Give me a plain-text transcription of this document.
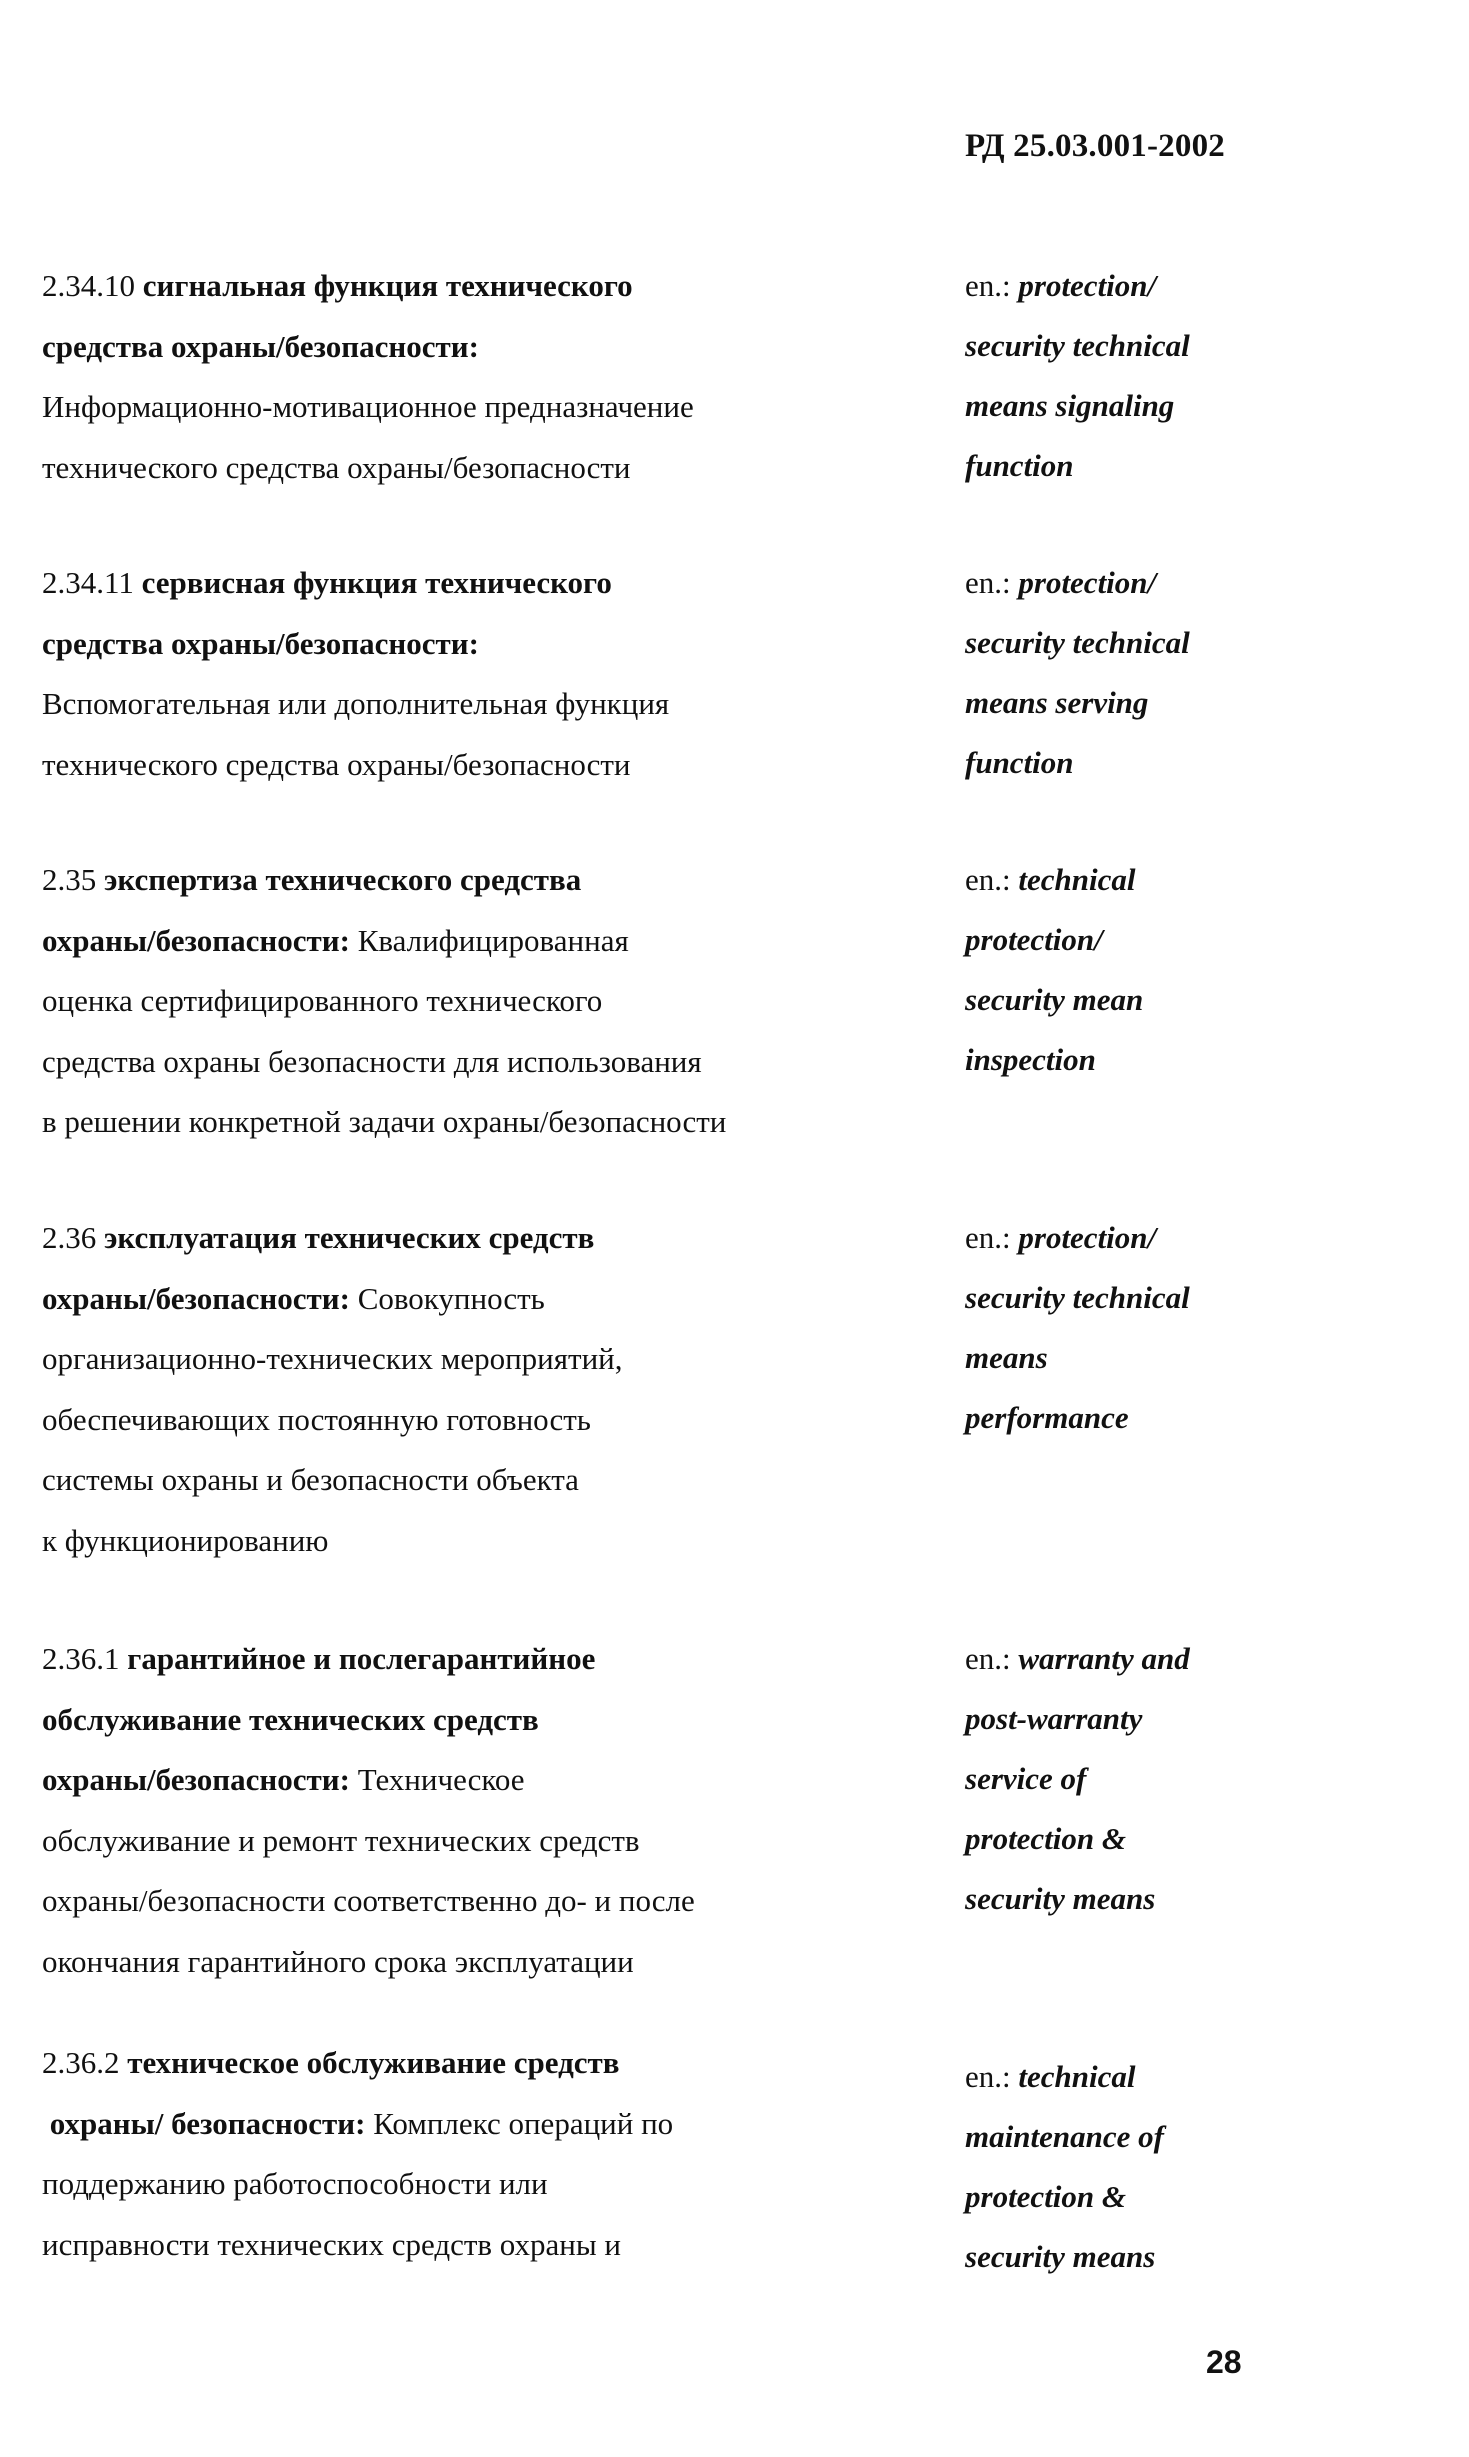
РД 25.03.001-2002

2.34.10 сигнальная функция технического

средства охраны/безопасности:

Информационно-мотивационное предназначение

технического средства охраны/безопасности

en.: protection/

security technical

means signaling

function

2.34.11 сервисная функция технического

средства охраны/безопасности:

Вспомогательная или дополнительная функция

технического средства охраны/безопасности

en.: protection/

security technical

means serving

function

2.35 экспертиза технического средства

охраны/безопасности: Квалифицированная

оценка сертифицированного технического

средства охраны безопасности для использования

в решении конкретной задачи охраны/безопасности

en.: technical

protection/

security mean

inspection

2.36 эксплуатация технических средств

охраны/безопасности: Совокупность

организационно-технических мероприятий,

обеспечивающих постоянную готовность

системы охраны и безопасности объекта

к функционированию

en.: protection/

security technical

means

performance

2.36.1 гарантийное и послегарантийное

обслуживание технических средств

охраны/безопасности: Техническое

обслуживание и ремонт технических средств

охраны/безопасности соответственно до- и после

окончания гарантийного срока эксплуатации

en.: warranty and

post-warranty

service of

protection &

security means

2.36.2 техническое обслуживание средств

охраны/ безопасности: Комплекс операций по

поддержанию работоспособности или

исправности технических средств охраны и

en.: technical

maintenance of

protection &

security means

28
